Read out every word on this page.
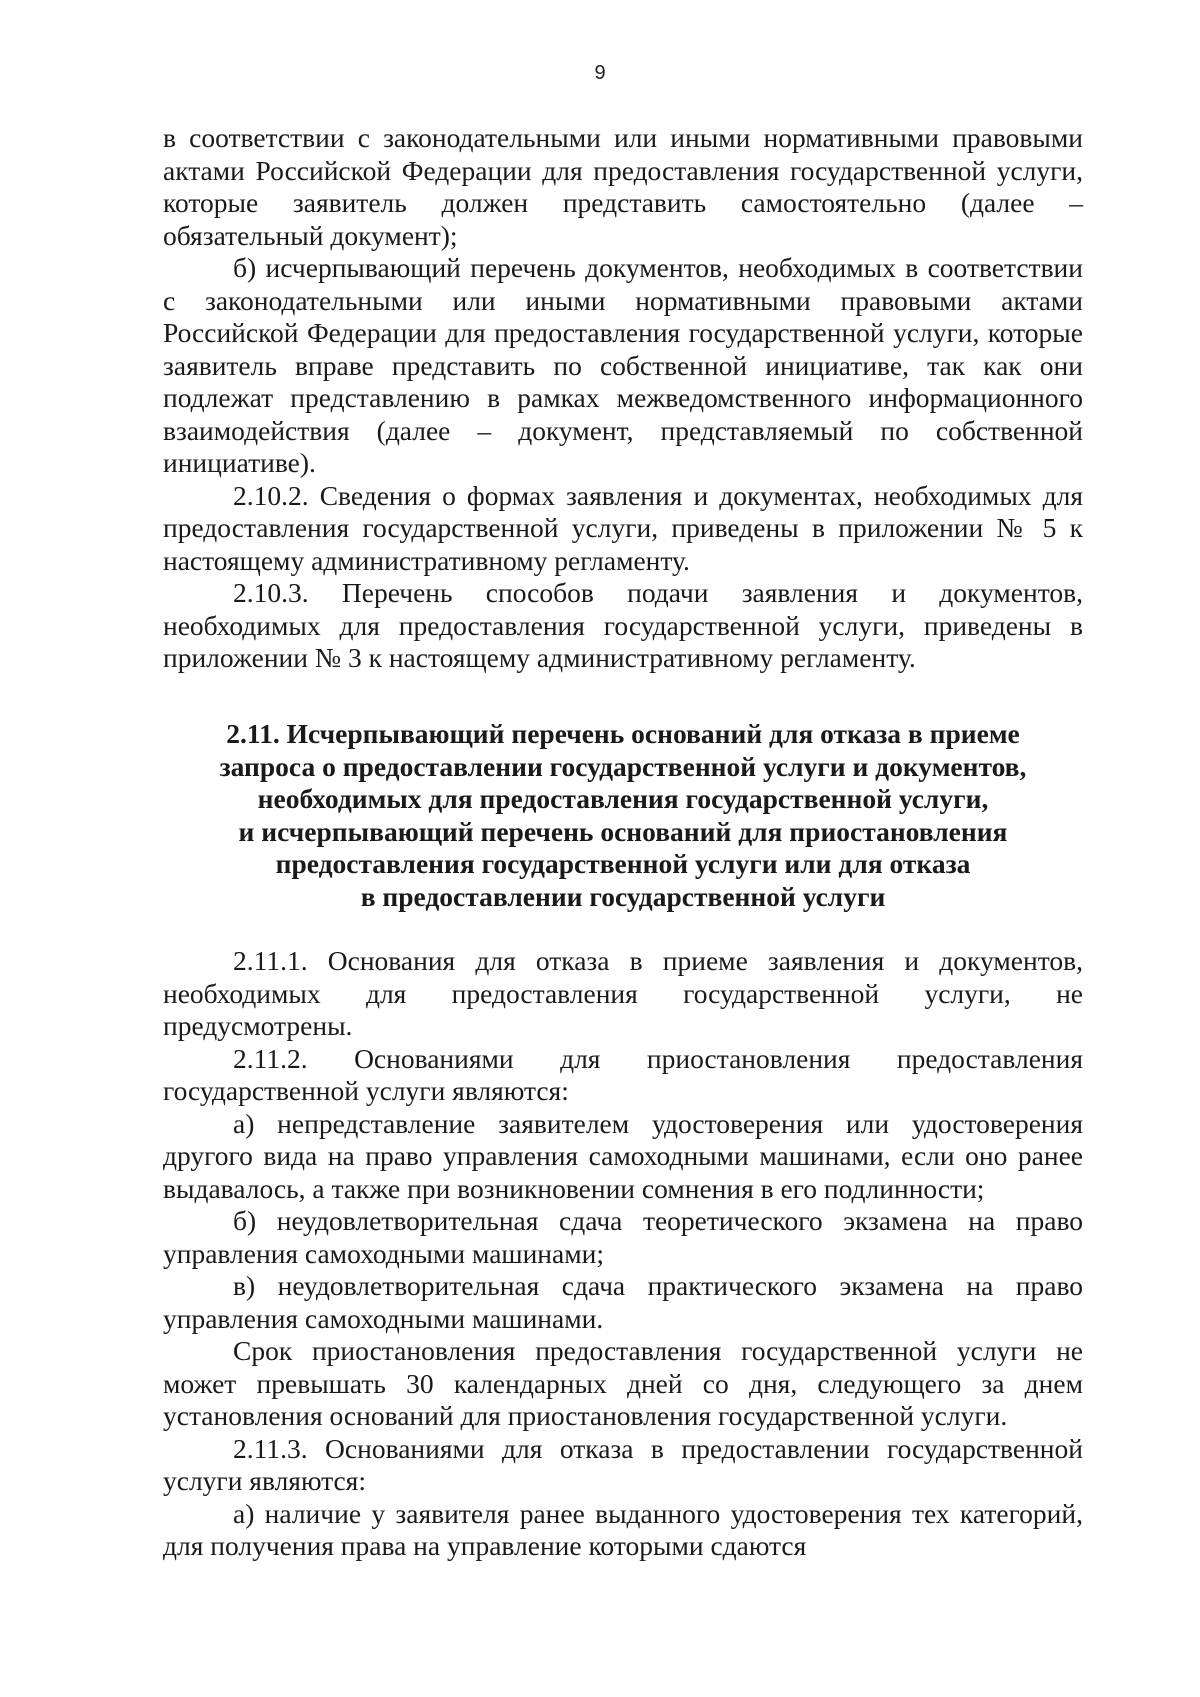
9

в соответствии с законодательными или иными нормативными правовыми актами Российской Федерации для предоставления государственной услуги, которые заявитель должен представить самостоятельно (далее – обязательный документ);

б) исчерпывающий перечень документов, необходимых в соответствии с законодательными или иными нормативными правовыми актами Российской Федерации для предоставления государственной услуги, которые заявитель вправе представить по собственной инициативе, так как они подлежат представлению в рамках межведомственного информационного взаимодействия (далее – документ, представляемый по собственной инициативе).

2.10.2. Сведения о формах заявления и документах, необходимых для предоставления государственной услуги, приведены в приложении № 5 к настоящему административному регламенту.

2.10.3. Перечень способов подачи заявления и документов, необходимых для предоставления государственной услуги, приведены в приложении № 3 к настоящему административному регламенту.

2.11. Исчерпывающий перечень оснований для отказа в приеме
запроса о предоставлении государственной услуги и документов,
необходимых для предоставления государственной услуги,
и исчерпывающий перечень оснований для приостановления
предоставления государственной услуги или для отказа
в предоставлении государственной услуги

2.11.1. Основания для отказа в приеме заявления и документов, необходимых для предоставления государственной услуги, не предусмотрены.

2.11.2. Основаниями для приостановления предоставления государственной услуги являются:

а) непредставление заявителем удостоверения или удостоверения другого вида на право управления самоходными машинами, если оно ранее выдавалось, а также при возникновении сомнения в его подлинности;

б) неудовлетворительная сдача теоретического экзамена на право управления самоходными машинами;

в) неудовлетворительная сдача практического экзамена на право управления самоходными машинами.

Срок приостановления предоставления государственной услуги не может превышать 30 календарных дней со дня, следующего за днем установления оснований для приостановления государственной услуги.

2.11.3. Основаниями для отказа в предоставлении государственной услуги являются:

а) наличие у заявителя ранее выданного удостоверения тех категорий, для получения права на управление которыми сдаются
